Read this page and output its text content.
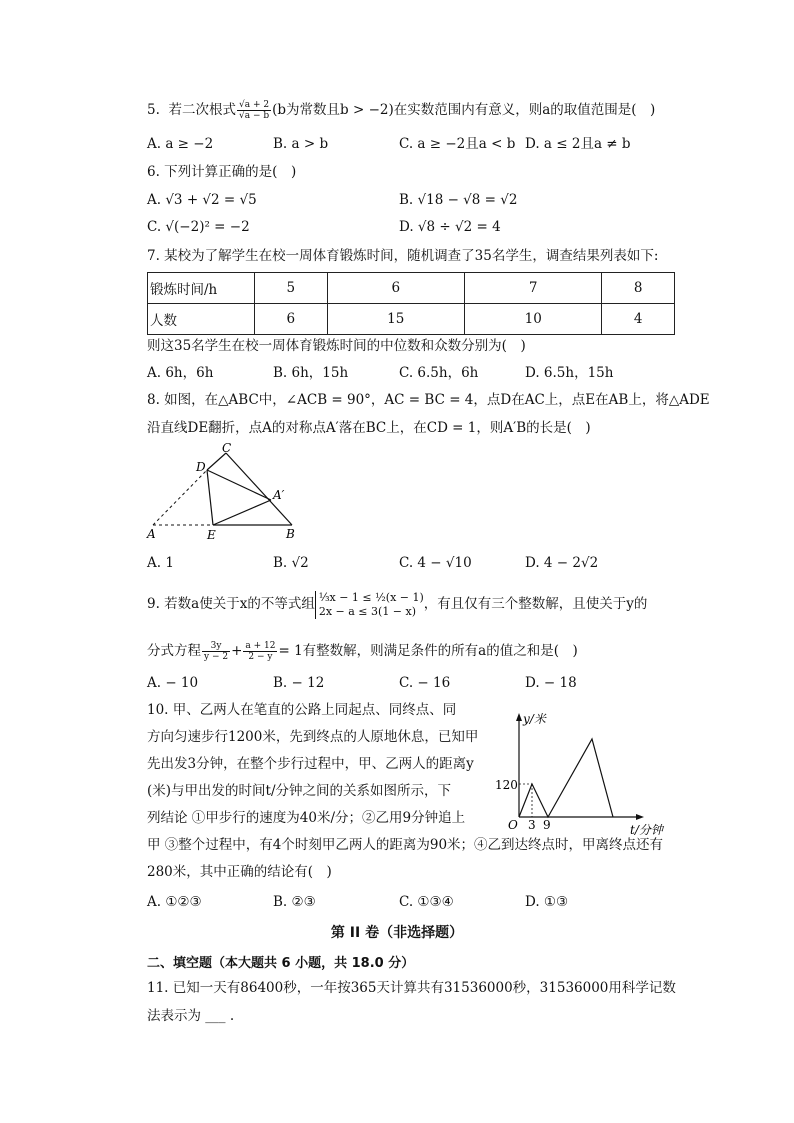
5. 若二次根式 $\frac{√a + 2}{√a - b} (b$为常数且b > −2)在实数范围内有意义，则a的取值范围是(　)
A. a ≥ −2	B. a > b	C. a ≥ −2且a < b D. a ≤ 2且a ≠ b
6. 下列计算正确的是(　)
A. √3 + √2 = √5	B. √18 − √8 = √2
C. √(−2)² = −2	D. √8 ÷ √2 = 4
7. 某校为了解学生在校一周体育锻炼时间，随机调查了35名学生，调查结果列表如下:
锻炼时间/h	5	6	7	8
人数	6	15	10	4
则这35名学生在校一周体育锻炼时间的中位数和众数分别为(　)
A. 6h，6h	B. 6h，15h	C. 6.5h，6h	D. 6.5h，15h
8. 如图，在△ABC中，∠ACB = 90°，AC = BC = 4，点D在AC上，点E在AB上，将△ADE
沿直线DE翻折，点A的对称点A′落在BC上，在CD = 1，则A′B的长是(　)
C
D
A′
A	E	B
A. 1	B. √2	C. 4 − √10	D. 4 − 2√2
9. 若数a使关于x的不等式组 ⅓x − 1 ≤ ½(x − 1)
2x − a ≤ 3(1 − x) ，有且仅有三个整数解，且使关于y的
分式方程 $\frac{3y}{y - 2} + \frac{a + 12}{2 - y} = 1$有整数解，则满足条件的所有a的值之和是(　)
A. − 10	B. − 12	C. − 16	D. − 18
10. 甲、乙两人在笔直的公路上同起点、同终点、同
方向匀速步行1200米，先到终点的人原地休息，已知甲
先出发3分钟，在整个步行过程中，甲、乙两人的距离y
(米)与甲出发的时间t/分钟之间的关系如图所示，下
列结论 ①甲步行的速度为40米/分；②乙用9分钟追上
甲 ③整个过程中，有4个时刻甲乙两人的距离为90米；④乙到达终点时，甲离终点还有
280米，其中正确的结论有(　)
y/米
t/分钟
120
O 3 9
A. ①②③	B. ②③	C. ①③④	D. ①③
第 II 卷（非选择题）
二、填空题（本大题共 6 小题，共 18.0 分）
11. 已知一天有86400秒，一年按365天计算共有31536000秒，31536000用科学记数
法表示为 ___ .
